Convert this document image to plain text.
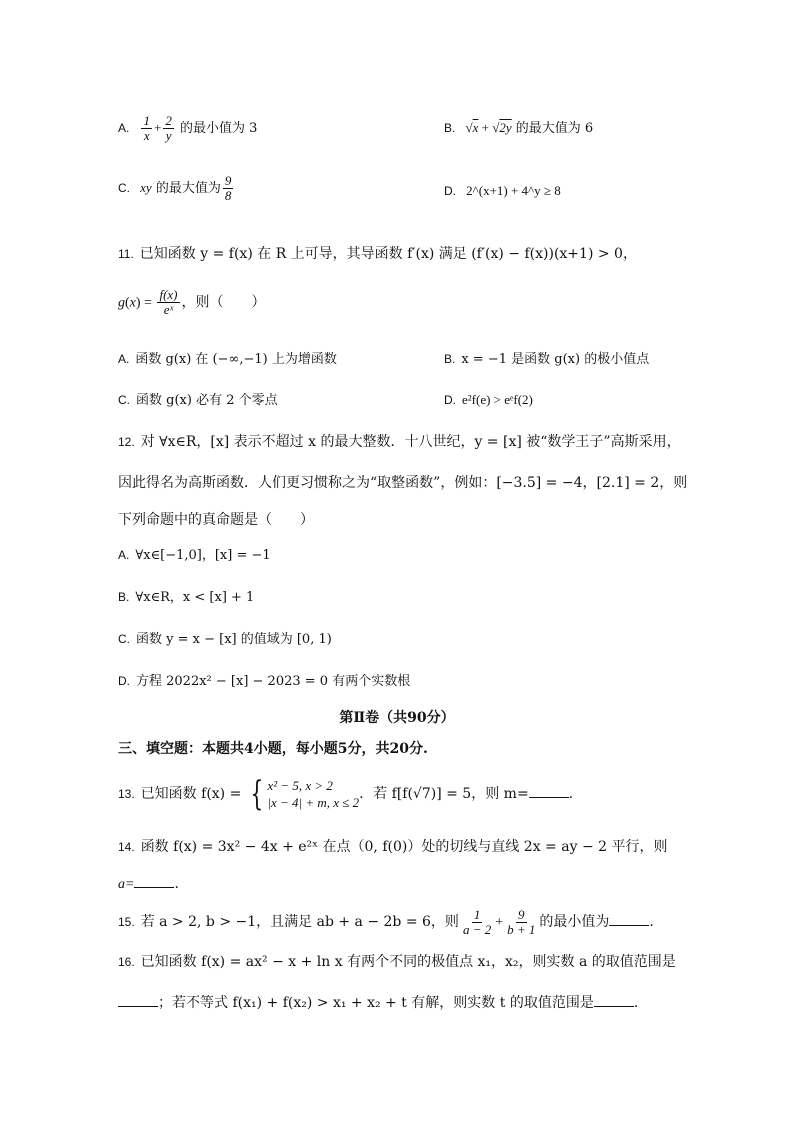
A. $\frac{1}{x} + \frac{2}{y}$ 的最小值为 3	B. √x + √2y 的最大值为 6
C. xy 的最大值为 $\frac{9}{8}$	D. 2^(x+1) + 4^y ≥ 8
11. 已知函数 y = f(x) 在 R 上可导，其导函数 f′(x) 满足 (f′(x) − f(x))(x+1) > 0，
$g(x) = \frac{f(x)}{\text{eˣ}}$ ，则（　　）
A. 函数 g(x) 在 (−∞,−1) 上为增函数	B. x = −1 是函数 g(x) 的极小值点
C. 函数 g(x) 必有 2 个零点	D. e²f(e) > eᵉf(2)
12. 对 ∀x∈R，[x] 表示不超过 x 的最大整数．十八世纪，y = [x] 被“数学王子”高斯采用，
因此得名为高斯函数．人们更习惯称之为“取整函数”，例如：[−3.5] = −4，[2.1] = 2，则
下列命题中的真命题是（　　）
A. ∀x∈[−1,0]，[x] = −1
B. ∀x∈R，x < [x] + 1
C. 函数 y = x − [x] 的值域为 [0, 1)
D. 方程 2022x² − [x] − 2023 = 0 有两个实数根
第Ⅱ卷（共90分）
三、填空题：本题共4小题，每小题5分，共20分.
13. 已知函数 f(x) = { x² − 5, x > 2
|x − 4| + m, x ≤ 2
．若 f[f(√7)] = 5，则 m=	.
14. 函数 f(x) = 3x² − 4x + e²ˣ 在点（0, f(0)）处的切线与直线 2x = ay − 2 平行，则
a=	.
15. 若 a > 2, b > −1，且满足 ab + a − 2b = 6，则 $\frac{1}{a - 2} + \frac{9}{b + 1}$ 的最小值为	.
16. 已知函数 f(x) = ax² − x + ln x 有两个不同的极值点 x₁，x₂，则实数 a 的取值范围是
；若不等式 f(x₁) + f(x₂) > x₁ + x₂ + t 有解，则实数 t 的取值范围是	.
